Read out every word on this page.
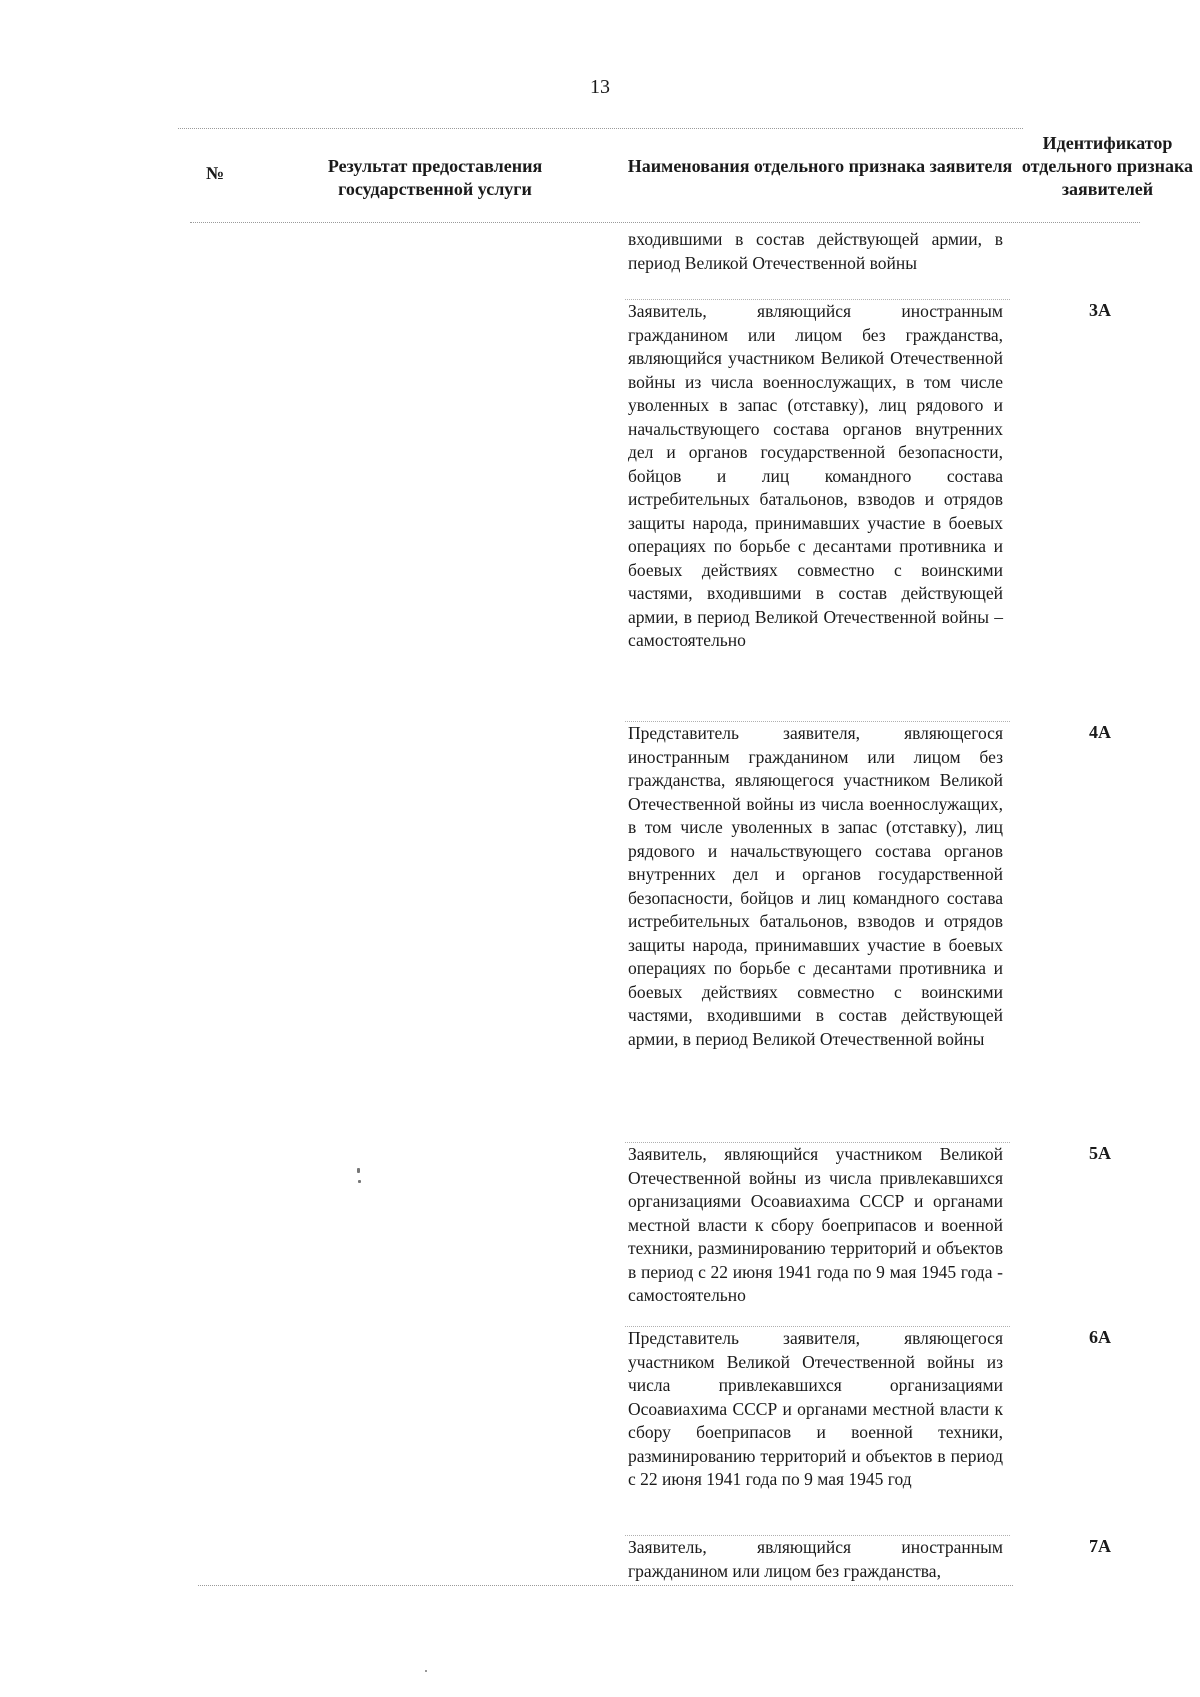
13
№	Результат предоставления государственной услуги
Наименования отдельного признака заявителя
Идентификатор отдельного признака заявителей
входившими в состав действующей армии, в период Великой Отечественной войны
Заявитель, являющийся иностранным гражданином или лицом без гражданства, являющийся участником Великой Отечественной войны из числа военнослужащих, в том числе уволенных в запас (отставку), лиц рядового и начальствующего состава органов внутренних дел и органов государственной безопасности, бойцов и лиц командного состава истребительных батальонов, взводов и отрядов защиты народа, принимавших участие в боевых операциях по борьбе с десантами противника и боевых действиях совместно с воинскими частями, входившими в состав действующей армии, в период Великой Отечественной войны – самостоятельно
3А
Представитель заявителя, являющегося иностранным гражданином или лицом без гражданства, являющегося участником Великой Отечественной войны из числа военнослужащих, в том числе уволенных в запас (отставку), лиц рядового и начальствующего состава органов внутренних дел и органов государственной безопасности, бойцов и лиц командного состава истребительных батальонов, взводов и отрядов защиты народа, принимавших участие в боевых операциях по борьбе с десантами противника и боевых действиях совместно с воинскими частями, входившими в состав действующей армии, в период Великой Отечественной войны
4А
Заявитель, являющийся участником Великой Отечественной войны из числа привлекавшихся организациями Осоавиахима СССР и органами местной власти к сбору боеприпасов и военной техники, разминированию территорий и объектов в период с 22 июня 1941 года по 9 мая 1945 года - самостоятельно
5А
Представитель заявителя, являющегося участником Великой Отечественной войны из числа привлекавшихся организациями Осоавиахима СССР и органами местной власти к сбору боеприпасов и военной техники, разминированию территорий и объектов в период с 22 июня 1941 года по 9 мая 1945 год
6А
Заявитель, являющийся иностранным гражданином или лицом без гражданства,
7А
